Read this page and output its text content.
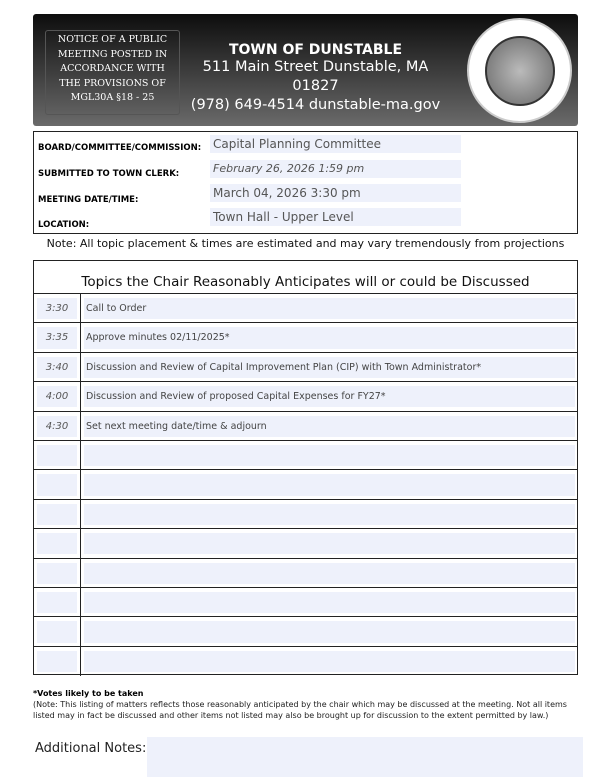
NOTICE OF A PUBLIC
MEETING POSTED IN
ACCORDANCE WITH
THE PROVISIONS OF
MGL30A §18 - 25
TOWN OF DUNSTABLE
511 Main Street Dunstable, MA 01827
(978) 649-4514 dunstable-ma.gov
BOARD/COMMITTEE/COMMISSION: Capital Planning Committee
SUBMITTED TO TOWN CLERK:	February 26, 2026 1:59 pm
MEETING DATE/TIME:	March 04, 2026 3:30 pm
LOCATION:
Town Hall - Upper Level
Note: All topic placement & times are estimated and may vary tremendously from projections
Topics the Chair Reasonably Anticipates will or could be Discussed
3:30	Call to Order
3:35	Approve minutes 02/11/2025*
3:40	Discussion and Review of Capital Improvement Plan (CIP) with Town Administrator*
4:00	Discussion and Review of proposed Capital Expenses for FY27*
4:30	Set next meeting date/time & adjourn
*Votes likely to be taken
(Note: This listing of matters reflects those reasonably anticipated by the chair which may be discussed at the meeting. Not all items listed may in fact be discussed and other items not listed may also be brought up for discussion to the extent permitted by law.)
Additional Notes:
